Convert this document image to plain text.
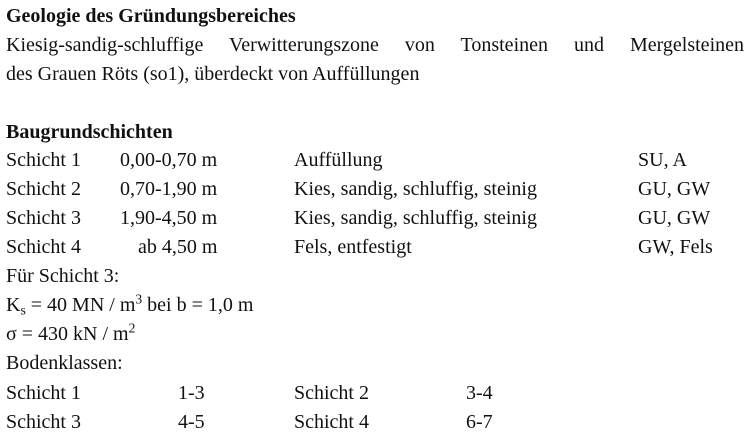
Geologie des Gründungsbereiches
Kiesig-sandig-schluffige Verwitterungszone von Tonsteinen und Mergelsteinen
des Grauen Röts (so1), überdeckt von Auffüllungen
Baugrundschichten
Schicht 1 0,00-0,70 m	Auffüllung	SU, A
Schicht 2 0,70-1,90 m	Kies, sandig, schluffig, steinig	GU, GW
Schicht 3 1,90-4,50 m	Kies, sandig, schluffig, steinig	GU, GW
Schicht 4	ab 4,50 m	Fels, entfestigt	GW, Fels
Für Schicht 3:
$K_s = 40$ MN / $m^3$ bei b = 1,0 m
σ = 430 kN / $m^2$
Bodenklassen:
Schicht 1	1-3	Schicht 2	3-4
Schicht 3	4-5	Schicht 4	6-7
